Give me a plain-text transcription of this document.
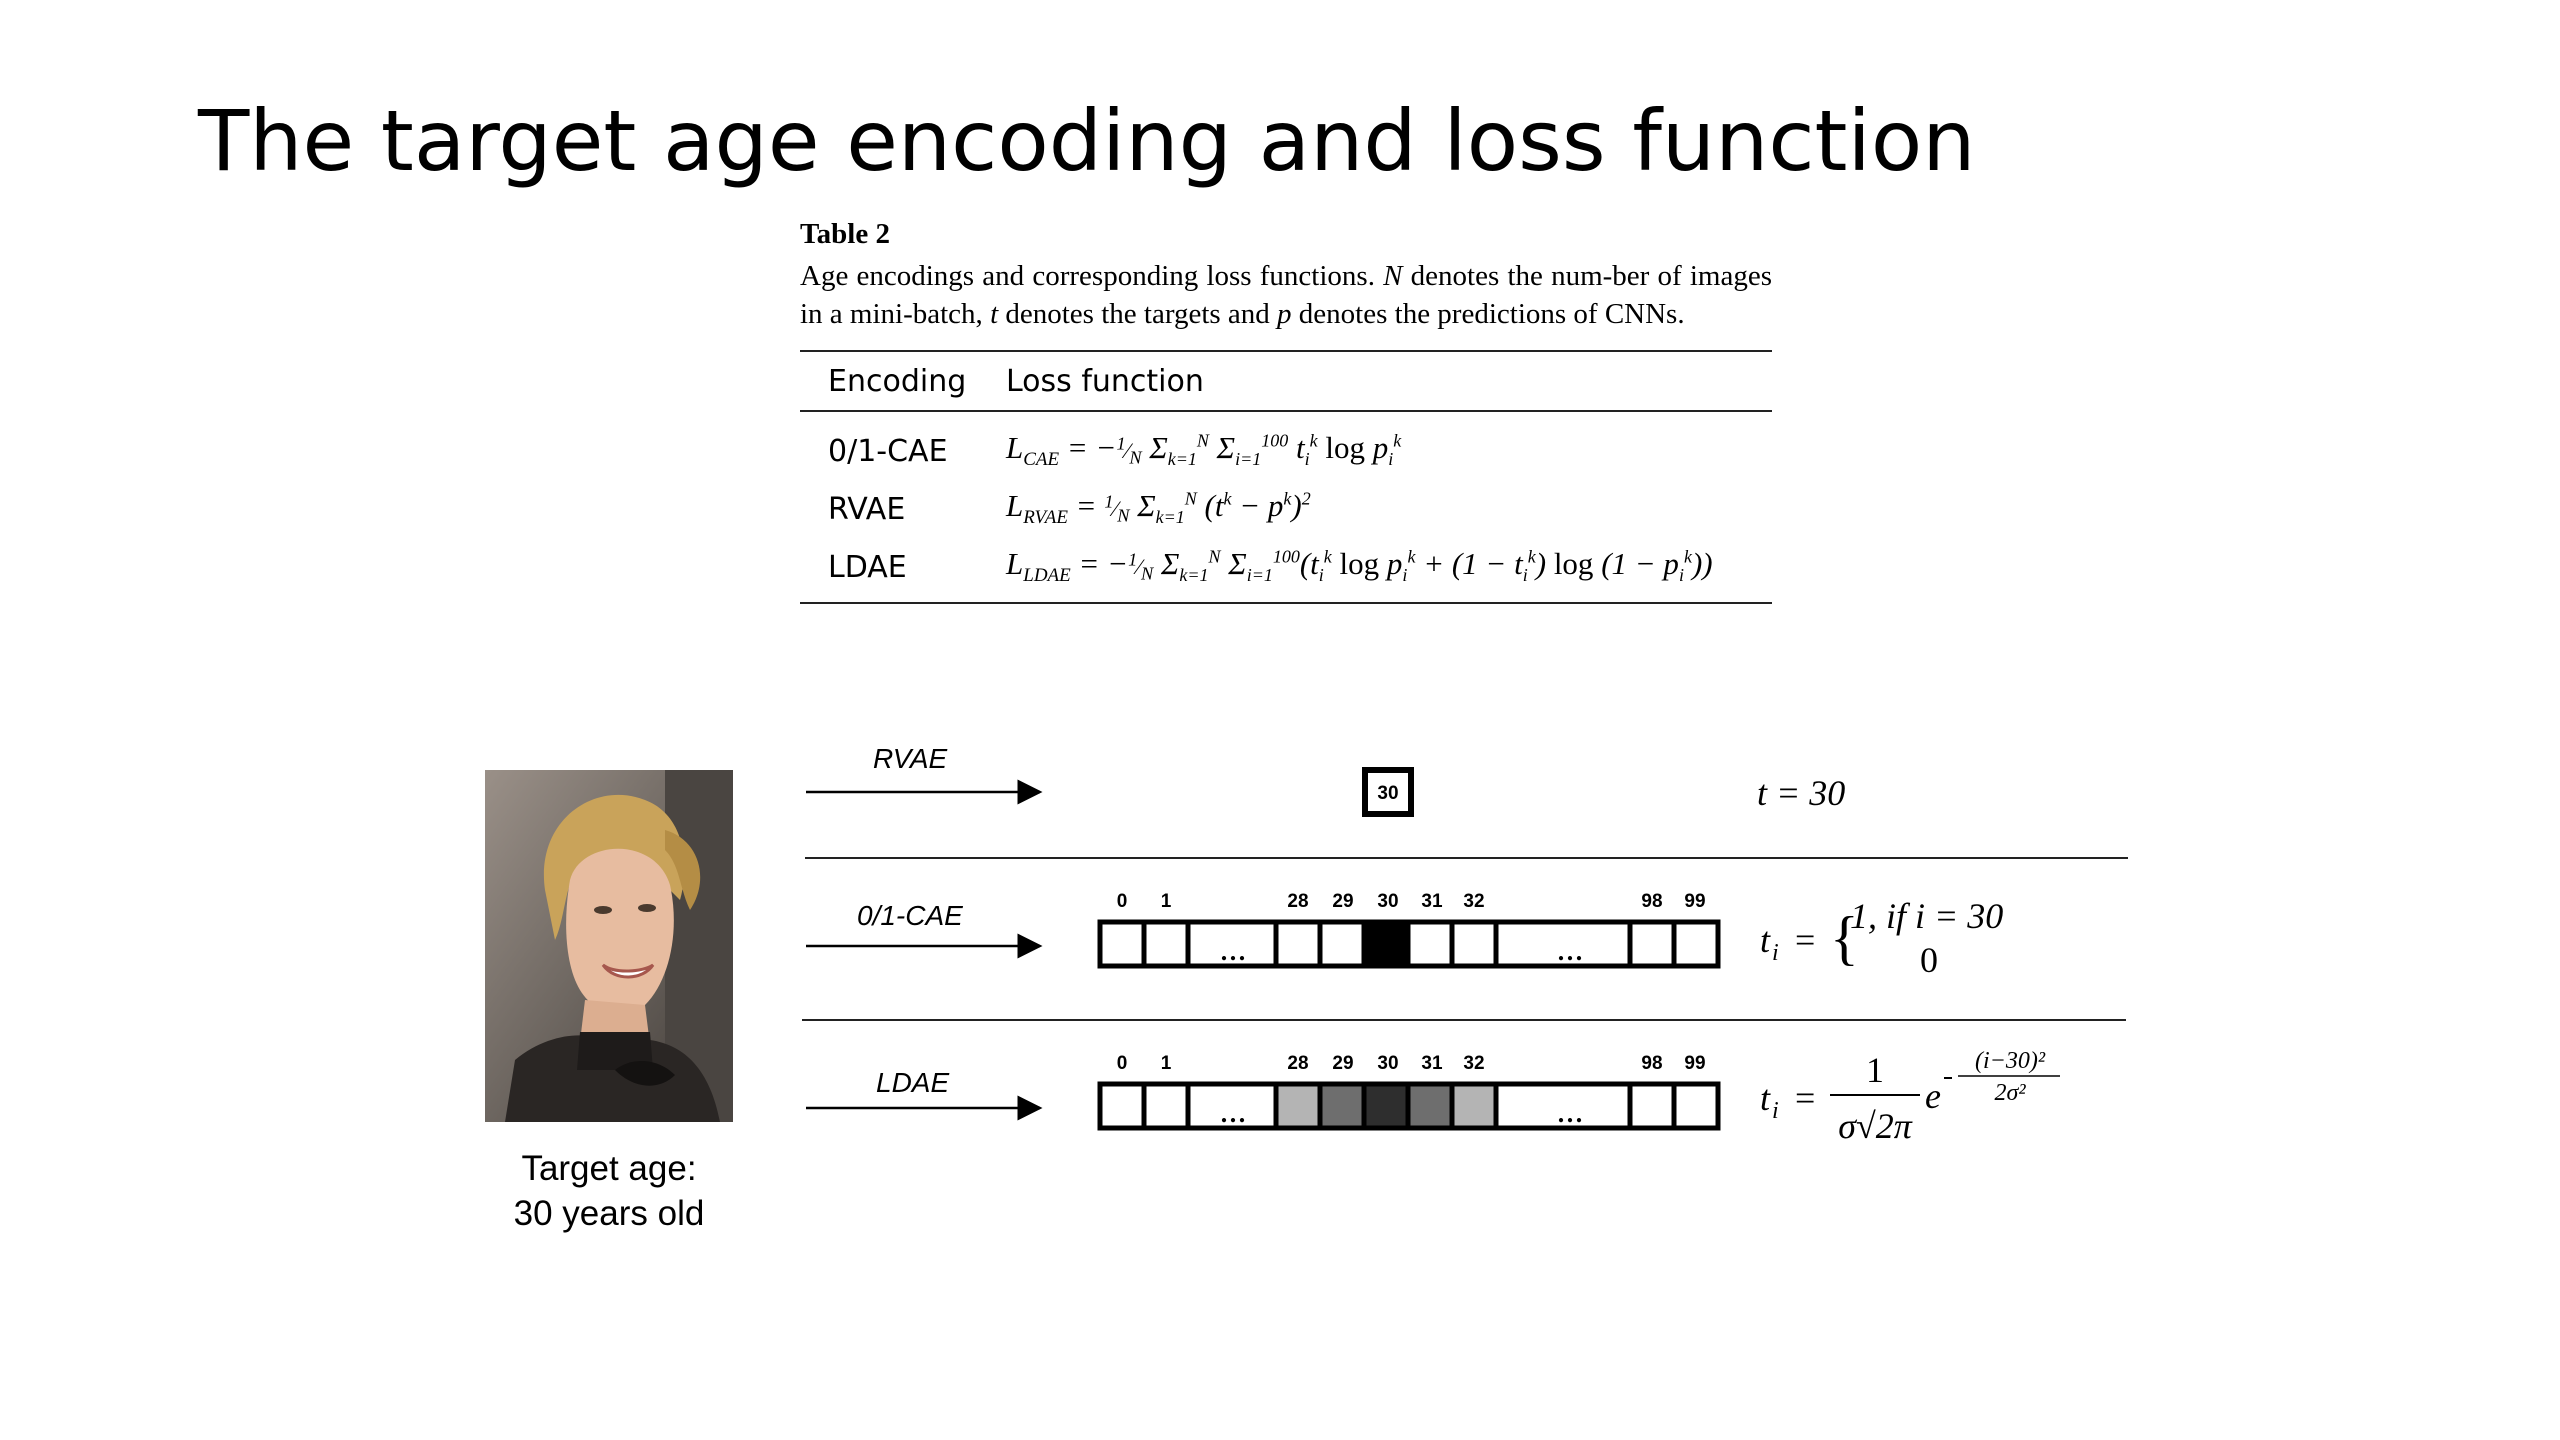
The target age encoding and loss function
Table 2

Age encodings and corresponding loss functions. N denotes the num-ber of images in a mini-batch, t denotes the targets and p denotes the predictions of CNNs.

Encoding	Loss function
0/1-CAE	$L_{CAE}$ = $-^1⁄_N$ $\Sigma_{k=1}^N$ $\Sigma_{i=1}^{100}$ $t_i^k$ $\log p_i^k$
RVAE	$L_{RVAE}$ = $^1⁄_N$ $\Sigma_{k=1}^N$ $(t^k - p^k)^2$
LDAE	$L_{LDAE}$ = $-^1⁄_N$ $\Sigma_{k=1}^N$ $\Sigma_{i=1}^{100}(t_i^k$ $\log p_i^k + (1 - t_i^k)$ $\log (1 - p_i^k)$)
Target age:
30 years old
RVAE
30	t = 30
0/1-CAE	0 1	28 29 30 31 32	98 99
...	...	t i = {
1, if i = 30
0
LDAE
0 1	28 29 30 31 32	98 99
...	...	t i =
1
σ√2π
e
(i−30)²
2σ²
